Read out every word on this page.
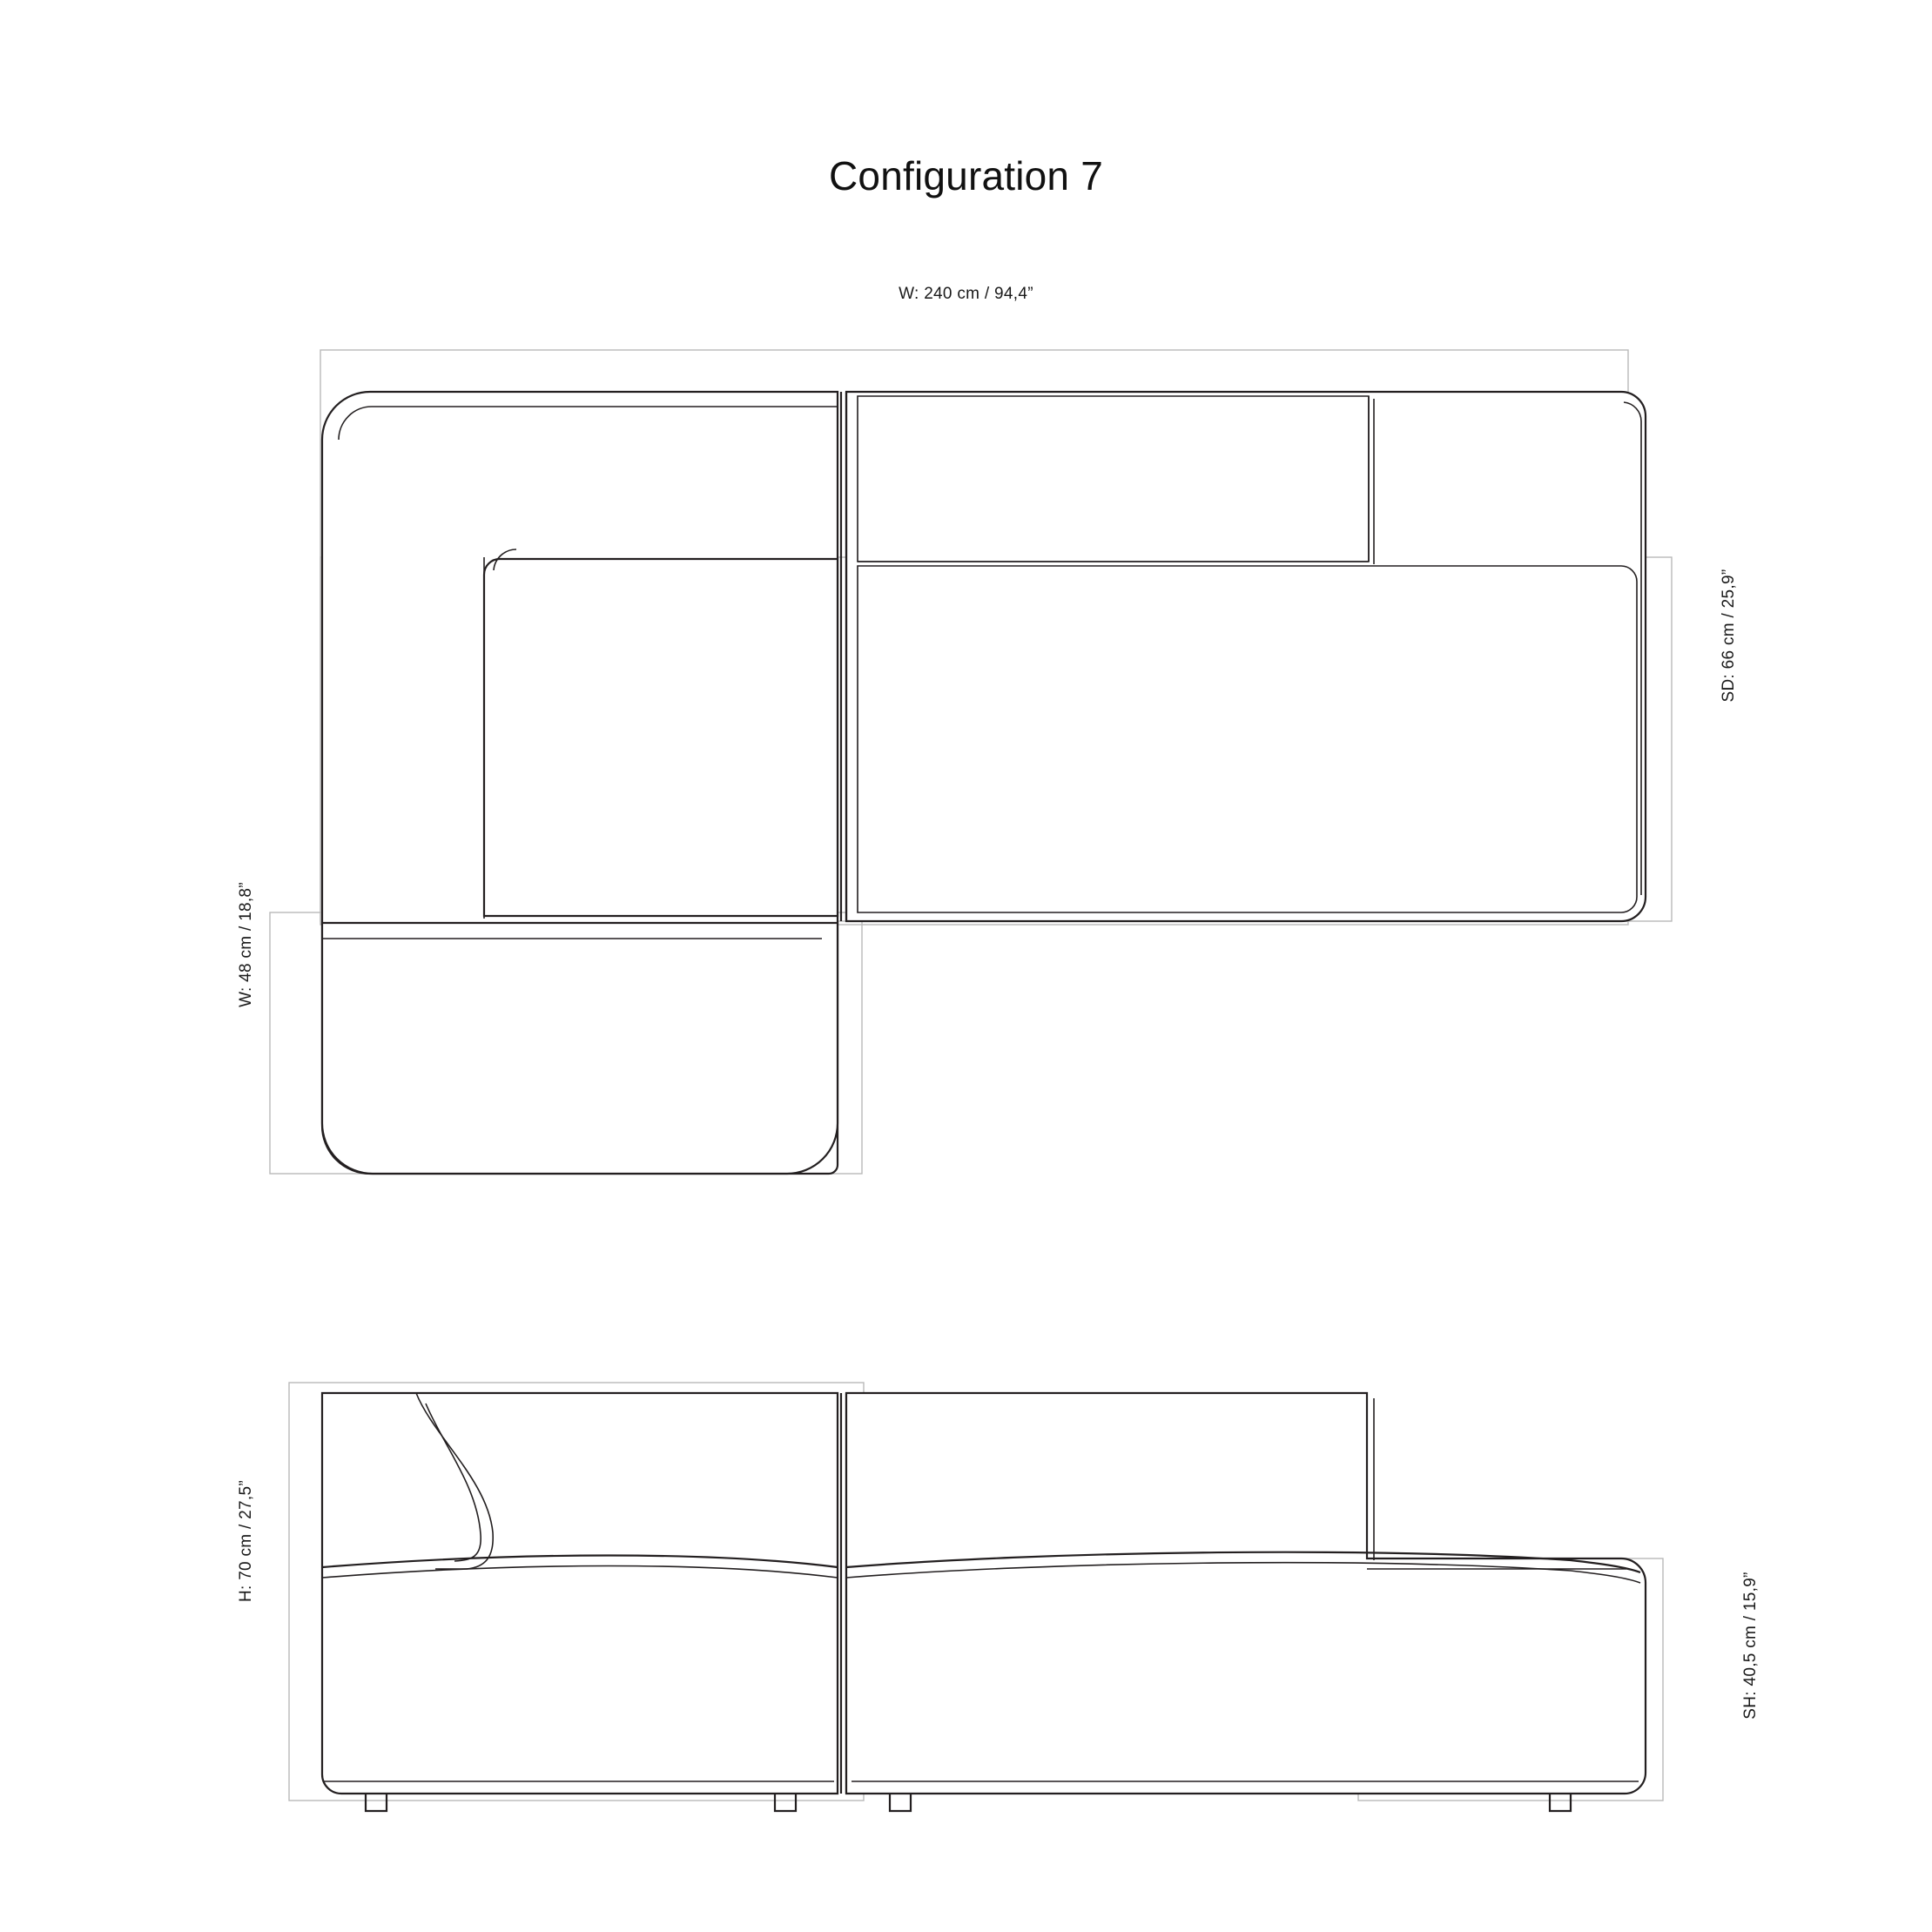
Configuration 7
W: 240 cm / 94,4”
SD: 66 cm / 25,9”
W: 48 cm / 18,8”
H: 70 cm / 27,5”
SH: 40,5 cm / 15,9”
